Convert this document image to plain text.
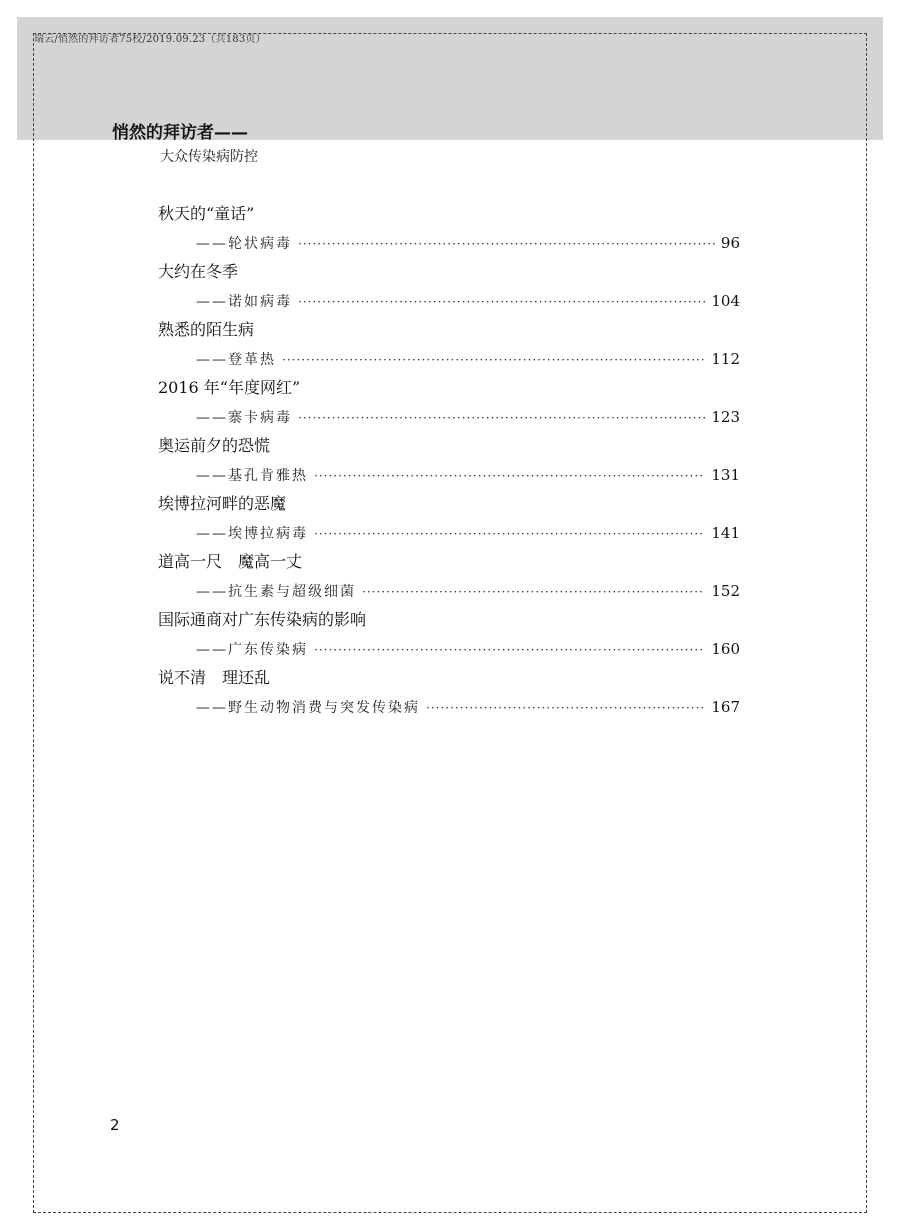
瑞云/悄然的拜访者75校/2019.09.23（共183页）
悄然的拜访者——
大众传染病防控
秋天的“童话”
——轮状病毒 ·····	96
大约在冬季
——诺如病毒 ·····	104
熟悉的陌生病
——登革热 ·····	112
2016 年“年度网红”
——寨卡病毒 ·····	123
奥运前夕的恐慌
——基孔肯雅热 ·····	131
埃博拉河畔的恶魔
——埃博拉病毒 ·····	141
道高一尺　魔高一丈
——抗生素与超级细菌 ·····	152
国际通商对广东传染病的影响
——广东传染病 ·····	160
说不清　理还乱
——野生动物消费与突发传染病 ·····	167
2
